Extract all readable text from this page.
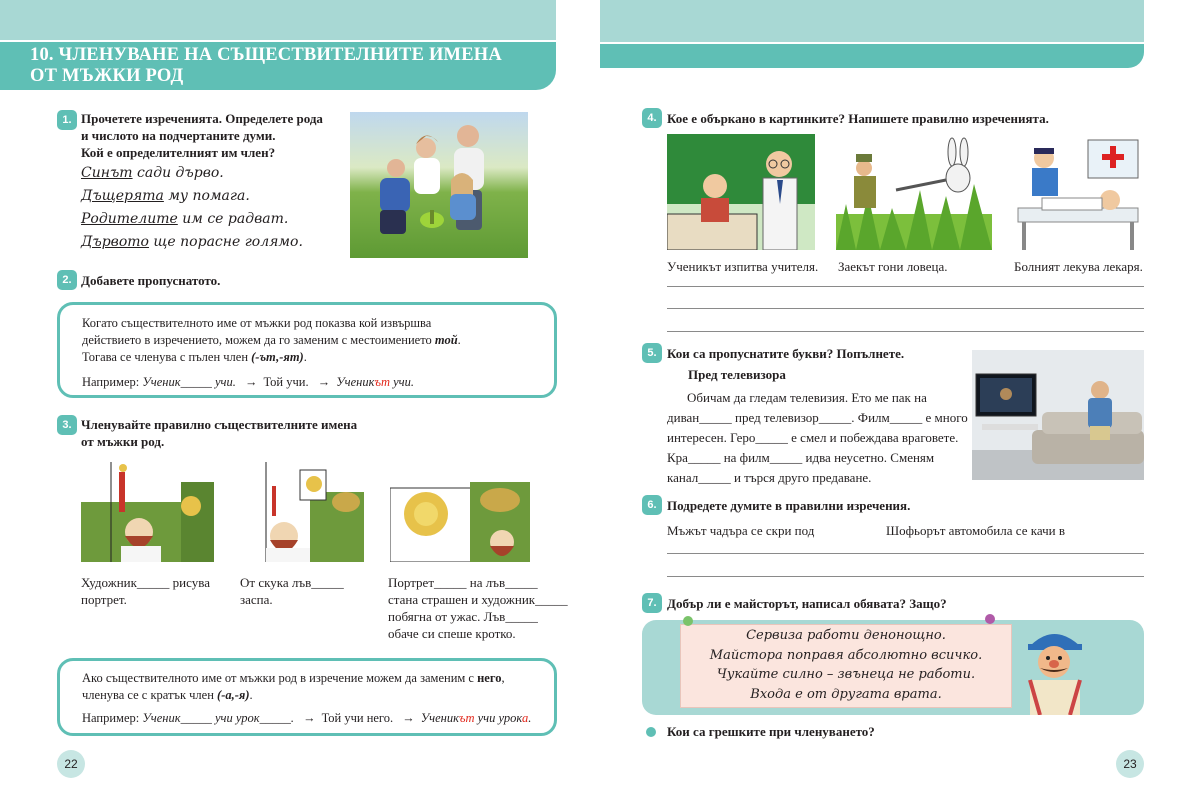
10. ЧЛЕНУВАНЕ НА СЪЩЕСТВИТЕЛНИТЕ ИМЕНА
ОТ МЪЖКИ РОД
1. Прочетете изреченията. Определете рода
и числото на подчертаните думи.
Кой е определителният им член?
Синът сади дърво.
Дъщерята му помага.
Родителите им се радват.
Дървото ще порасне голямо.
2. Добавете пропуснатото.
Когато съществителното име от мъжки род показва кой извършва
действието в изречението, можем да го заменим с местоимението той.
Тогава се членува с пълен член (-ът,-ят).
Например: Ученик_____ учи. → Той учи. → Ученикът учи.
3. Членувайте правилно съществителните имена
от мъжки род.
Художник_____ рисува
портрет.
От скука лъв_____
заспа.
Портрет_____ на лъв_____
стана страшен и художник_____
побягна от ужас. Лъв_____
обаче си спеше кротко.
Ако съществителното име от мъжки род в изречение можем да заменим с него,
членува се с кратък член (-а,-я).
Например: Ученик_____ учи урок_____. → Той учи него. → Ученикът учи урока.
22
4. Кое е объркано в картинките? Напишете правилно изреченията.
Ученикът изпитва учителя. Заекът гони ловеца.	Болният лекува лекаря.
5. Кои са пропуснатите букви? Попълнете.
Пред телевизора
Обичам да гледам телевизия. Ето ме пак на
диван_____ пред телевизор_____. Филм_____ е много
интересен. Геро_____ е смел и побеждава враговете.
Кра_____ на филм_____ идва неусетно. Сменям
канал_____ и търся друго предаване.
6. Подредете думите в правилни изречения.
Мъжът чадъра се скри под	Шофьорът автомобила се качи в
7. Добър ли е майсторът, написал обявата? Защо?
Сервиза работи денонощно.
Майстора поправя абсолютно всичко.
Чукайте силно – звънеца не работи.
Входа е от другата врата.
Кои са грешките при членуването?
23
